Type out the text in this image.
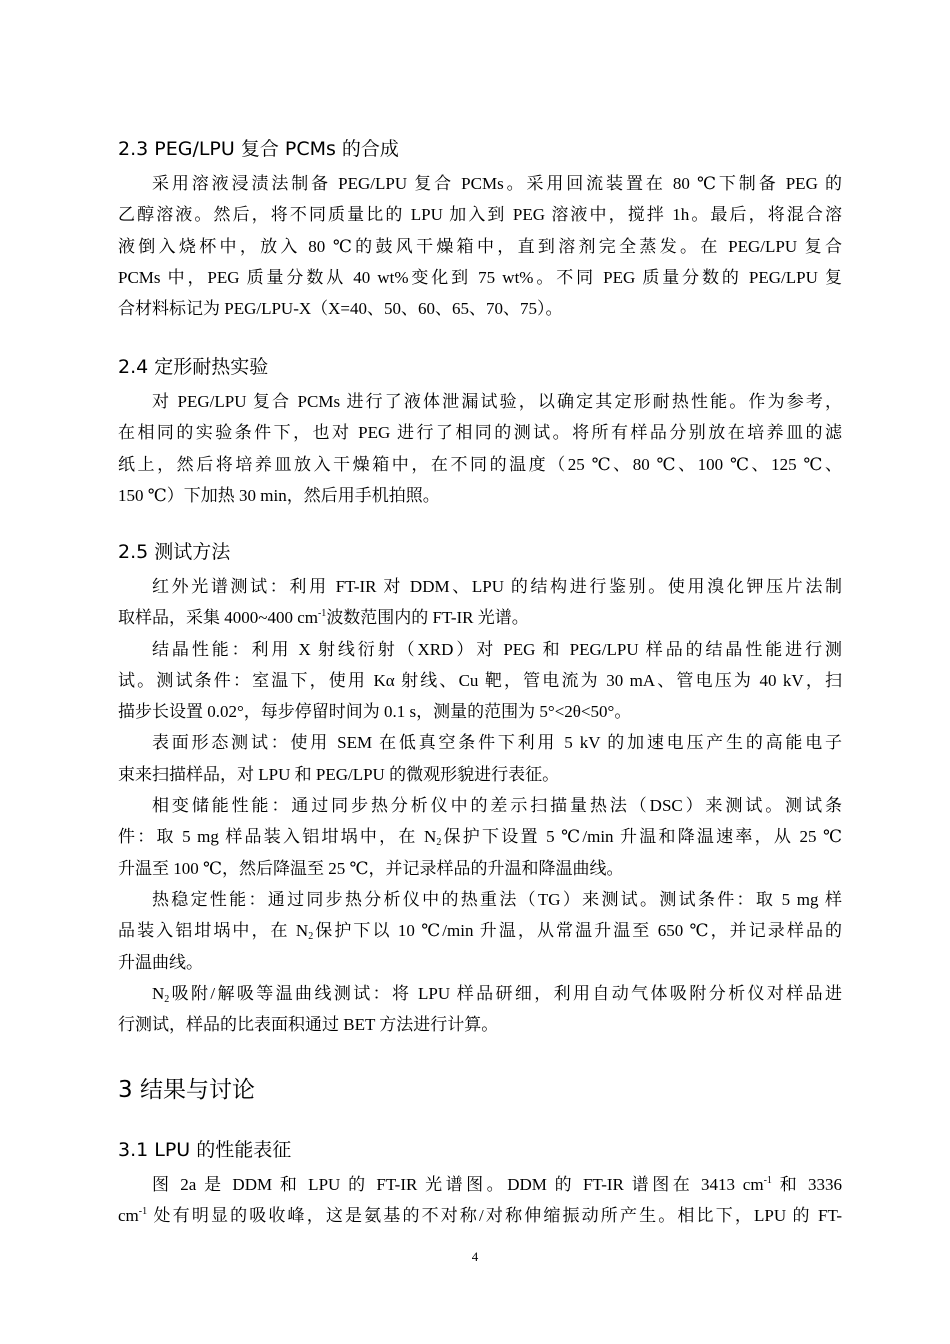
2.3 PEG/LPU 复合 PCMs 的合成
采用溶液浸渍法制备 PEG/LPU 复合 PCMs。采用回流装置在 80 ℃下制备 PEG 的
乙醇溶液。然后，将不同质量比的 LPU 加入到 PEG 溶液中，搅拌 1h。最后，将混合溶
液倒入烧杯中，放入 80 ℃的鼓风干燥箱中，直到溶剂完全蒸发。在 PEG/LPU 复合
PCMs 中，PEG 质量分数从 40 wt%变化到 75 wt%。不同 PEG 质量分数的 PEG/LPU 复
合材料标记为 PEG/LPU-X（X=40、50、60、65、70、75）。
2.4 定形耐热实验
对 PEG/LPU 复合 PCMs 进行了液体泄漏试验，以确定其定形耐热性能。作为参考，
在相同的实验条件下，也对 PEG 进行了相同的测试。将所有样品分别放在培养皿的滤
纸上，然后将培养皿放入干燥箱中，在不同的温度（25 ℃、80 ℃、100 ℃、125 ℃、
150 ℃）下加热 30 min，然后用手机拍照。
2.5 测试方法
红外光谱测试：利用 FT-IR 对 DDM、LPU 的结构进行鉴别。使用溴化钾压片法制
取样品，采集 4000~400 $cm^{-1}$波数范围内的 FT-IR 光谱。
结晶性能：利用 X 射线衍射（XRD）对 PEG 和 PEG/LPU 样品的结晶性能进行测
试。测试条件：室温下，使用 Kα 射线、Cu 靶，管电流为 30 mA、管电压为 40 kV，扫
描步长设置 0.02°，每步停留时间为 0.1 s，测量的范围为 5°<2θ<50°。
表面形态测试：使用 SEM 在低真空条件下利用 5 kV 的加速电压产生的高能电子
束来扫描样品，对 LPU 和 PEG/LPU 的微观形貌进行表征。
相变储能性能：通过同步热分析仪中的差示扫描量热法（DSC）来测试。测试条
件：取 5 mg 样品装入铝坩埚中，在 $N_2$保护下设置 5 ℃/min 升温和降温速率，从 25 ℃
升温至 100 ℃，然后降温至 25 ℃，并记录样品的升温和降温曲线。
热稳定性能：通过同步热分析仪中的热重法（TG）来测试。测试条件：取 5 mg 样
品装入铝坩埚中，在 $N_2$保护下以 10 ℃/min 升温，从常温升温至 650 ℃，并记录样品的
升温曲线。
$N_2$吸附/解吸等温曲线测试：将 LPU 样品研细，利用自动气体吸附分析仪对样品进
行测试，样品的比表面积通过 BET 方法进行计算。
3 结果与讨论
3.1 LPU 的性能表征
图 2a 是 DDM 和 LPU 的 FT-IR 光谱图。DDM 的 FT-IR 谱图在 3413 $cm^{-1}$ 和 3336
$cm^{-1}$ 处有明显的吸收峰，这是氨基的不对称/对称伸缩振动所产生。相比下，LPU 的 FT-
4
